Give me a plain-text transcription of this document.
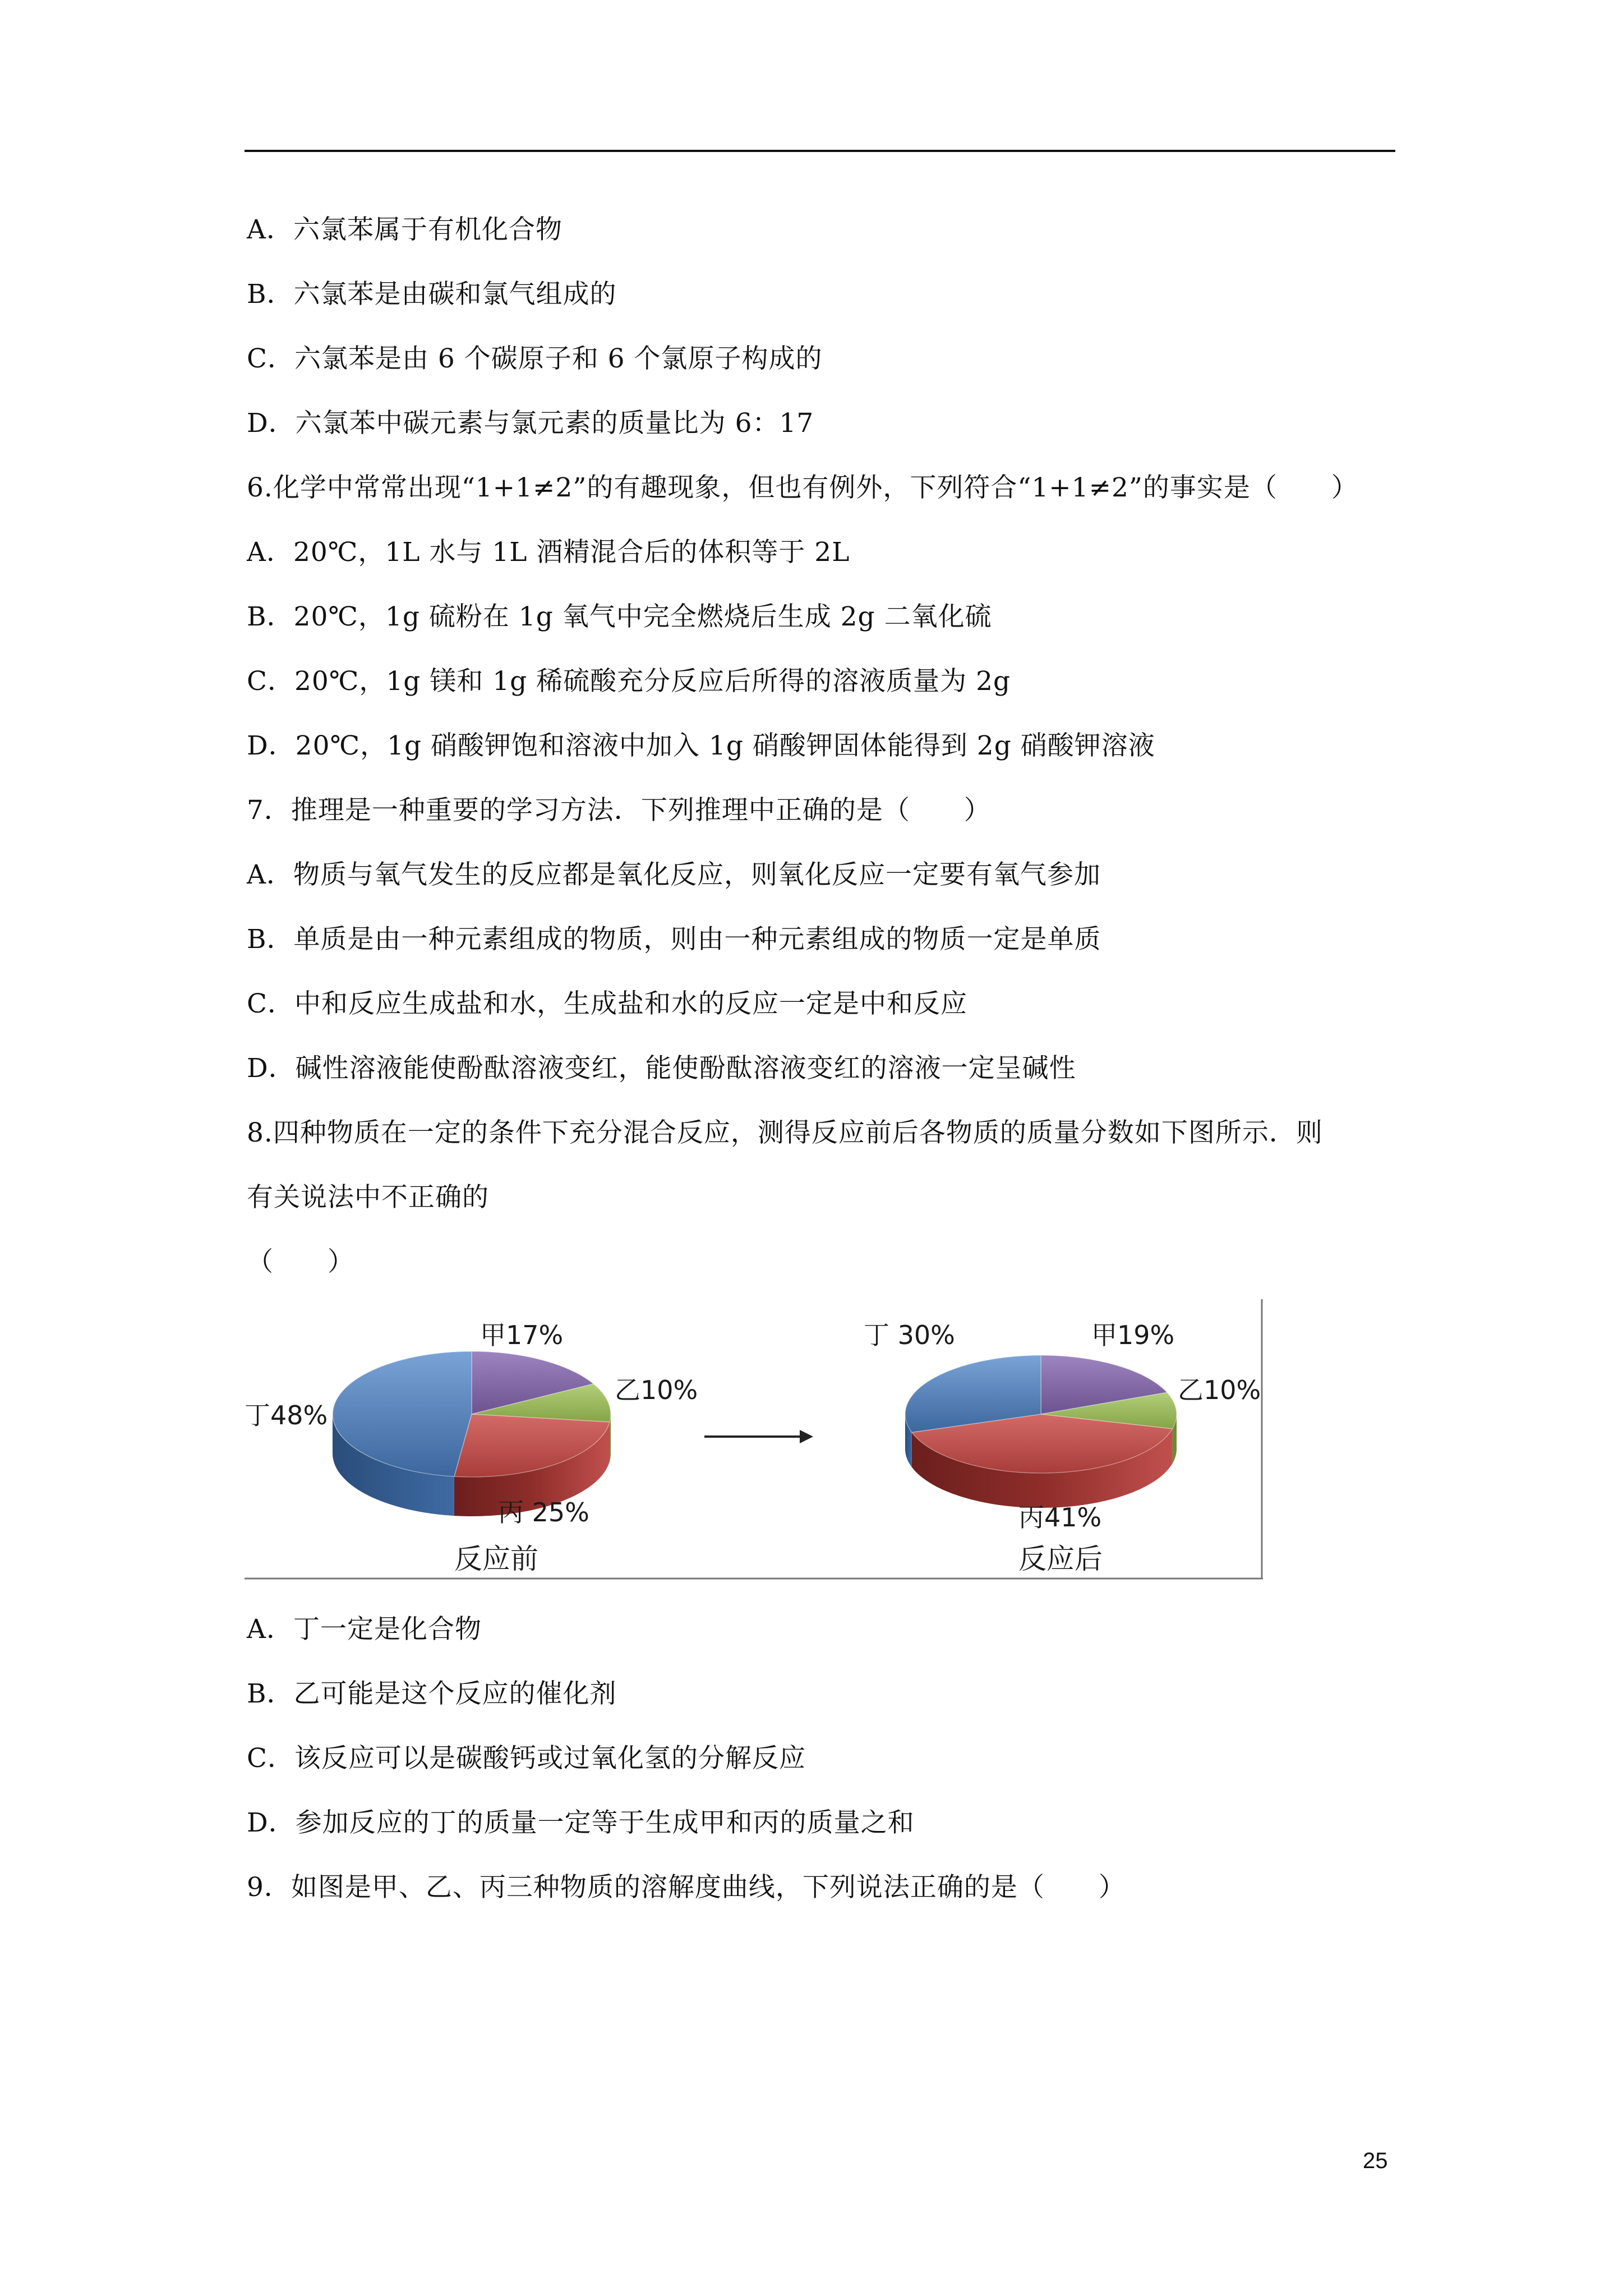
A．六氯苯属于有机化合物
B．六氯苯是由碳和氯气组成的
C．六氯苯是由 6 个碳原子和 6 个氯原子构成的
D．六氯苯中碳元素与氯元素的质量比为 6：17
6.化学中常常出现“1+1≠2”的有趣现象，但也有例外，下列符合“1+1≠2”的事实是（　　）
A．20℃，1L 水与 1L 酒精混合后的体积等于 2L
B．20℃，1g 硫粉在 1g 氧气中完全燃烧后生成 2g 二氧化硫
C．20℃，1g 镁和 1g 稀硫酸充分反应后所得的溶液质量为 2g
D．20℃，1g 硝酸钾饱和溶液中加入 1g 硝酸钾固体能得到 2g 硝酸钾溶液
7．推理是一种重要的学习方法．下列推理中正确的是（　　）
A．物质与氧气发生的反应都是氧化反应，则氧化反应一定要有氧气参加
B．单质是由一种元素组成的物质，则由一种元素组成的物质一定是单质
C．中和反应生成盐和水，生成盐和水的反应一定是中和反应
D．碱性溶液能使酚酞溶液变红，能使酚酞溶液变红的溶液一定呈碱性
8.四种物质在一定的条件下充分混合反应，测得反应前后各物质的质量分数如下图所示．则
有关说法中不正确的
（　　）
A．丁一定是化合物
B．乙可能是这个反应的催化剂
C．该反应可以是碳酸钙或过氧化氢的分解反应
D．参加反应的丁的质量一定等于生成甲和丙的质量之和
9．如图是甲、乙、丙三种物质的溶解度曲线，下列说法正确的是（　　）
甲17%
乙10%
丙 25%
丁48%
反应前
甲19%
乙10%
丙41%
丁 30%
反应后
25
